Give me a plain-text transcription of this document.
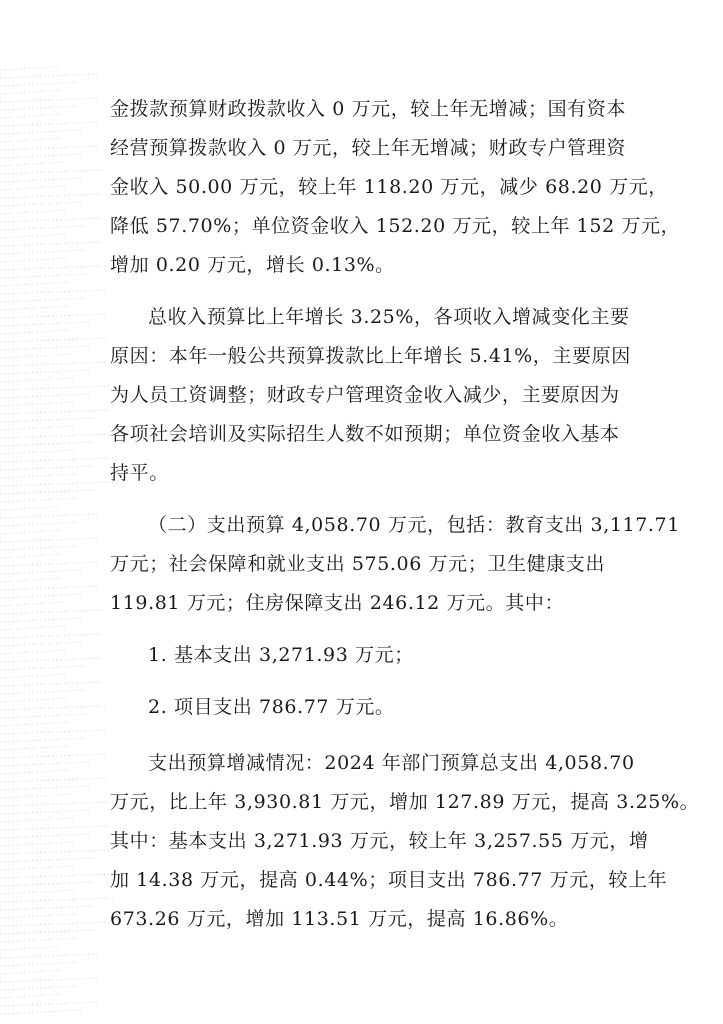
金拨款预算财政拨款收入 0 万元，较上年无增减；国有资本
经营预算拨款收入 0 万元，较上年无增减；财政专户管理资
金收入 50.00 万元，较上年 118.20 万元，减少 68.20 万元，
降低 57.70%；单位资金收入 152.20 万元，较上年 152 万元，
增加 0.20 万元，增长 0.13%。
总收入预算比上年增长 3.25%，各项收入增减变化主要
原因：本年一般公共预算拨款比上年增长 5.41%，主要原因
为人员工资调整；财政专户管理资金收入减少，主要原因为
各项社会培训及实际招生人数不如预期；单位资金收入基本
持平。
（二）支出预算 4,058.70 万元，包括：教育支出 3,117.71
万元；社会保障和就业支出 575.06 万元；卫生健康支出
119.81 万元；住房保障支出 246.12 万元。其中：
1. 基本支出 3,271.93 万元；
2. 项目支出 786.77 万元。
支出预算增减情况：2024 年部门预算总支出 4,058.70
万元，比上年 3,930.81 万元，增加 127.89 万元，提高 3.25%。
其中：基本支出 3,271.93 万元，较上年 3,257.55 万元，增
加 14.38 万元，提高 0.44%；项目支出 786.77 万元，较上年
673.26 万元，增加 113.51 万元，提高 16.86%。
